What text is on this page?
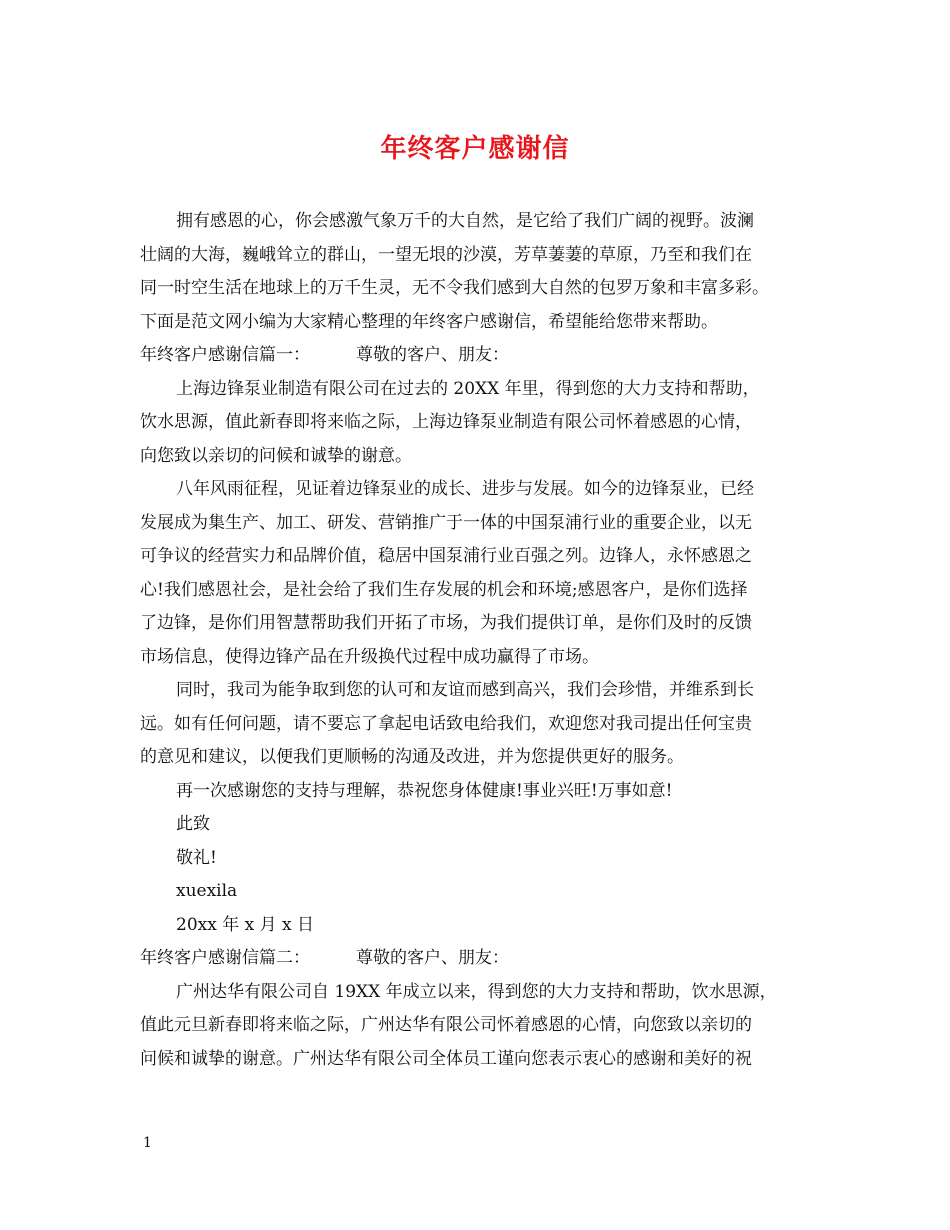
年终客户感谢信
拥有感恩的心，你会感激气象万千的大自然，是它给了我们广阔的视野。波澜
壮阔的大海，巍峨耸立的群山，一望无垠的沙漠，芳草萋萋的草原，乃至和我们在
同一时空生活在地球上的万千生灵，无不令我们感到大自然的包罗万象和丰富多彩。
下面是范文网小编为大家精心整理的年终客户感谢信，希望能给您带来帮助。
年终客户感谢信篇一：	尊敬的客户、朋友：
上海边锋泵业制造有限公司在过去的 20XX 年里，得到您的大力支持和帮助，
饮水思源，值此新春即将来临之际，上海边锋泵业制造有限公司怀着感恩的心情，
向您致以亲切的问候和诚挚的谢意。
八年风雨征程，见证着边锋泵业的成长、进步与发展。如今的边锋泵业，已经
发展成为集生产、加工、研发、营销推广于一体的中国泵浦行业的重要企业，以无
可争议的经营实力和品牌价值，稳居中国泵浦行业百强之列。边锋人，永怀感恩之
心!我们感恩社会，是社会给了我们生存发展的机会和环境;感恩客户，是你们选择
了边锋，是你们用智慧帮助我们开拓了市场，为我们提供订单，是你们及时的反馈
市场信息，使得边锋产品在升级换代过程中成功赢得了市场。
同时，我司为能争取到您的认可和友谊而感到高兴，我们会珍惜，并维系到长
远。如有任何问题，请不要忘了拿起电话致电给我们，欢迎您对我司提出任何宝贵
的意见和建议，以便我们更顺畅的沟通及改进，并为您提供更好的服务。
再一次感谢您的支持与理解，恭祝您身体健康!事业兴旺!万事如意!
此致
敬礼!
xuexila
20xx 年 x 月 x 日
年终客户感谢信篇二：	尊敬的客户、朋友：
广州达华有限公司自 19XX 年成立以来，得到您的大力支持和帮助，饮水思源，
值此元旦新春即将来临之际，广州达华有限公司怀着感恩的心情，向您致以亲切的
问候和诚挚的谢意。广州达华有限公司全体员工谨向您表示衷心的感谢和美好的祝
1
